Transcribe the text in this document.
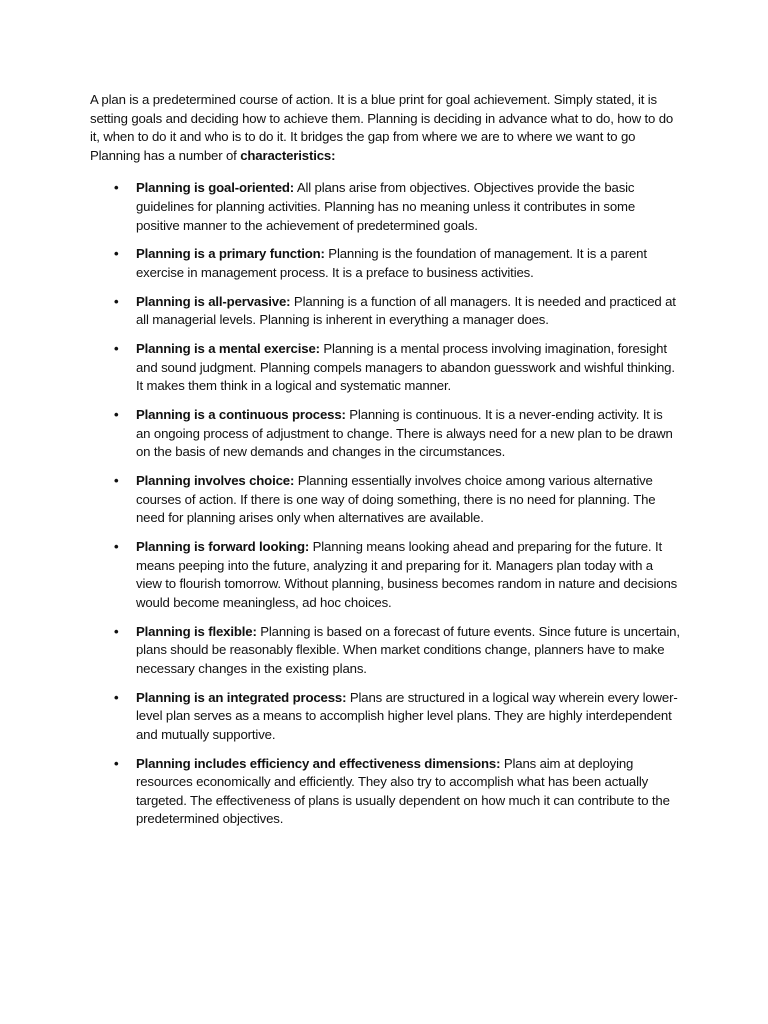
A plan is a predetermined course of action. It is a blue print for goal achievement. Simply stated, it is setting goals and deciding how to achieve them. Planning is deciding in advance what to do, how to do it, when to do it and who is to do it. It bridges the gap from where we are to where we want to go Planning has a number of characteristics:

• Planning is goal-oriented: All plans arise from objectives. Objectives provide the basic guidelines for planning activities. Planning has no meaning unless it contributes in some positive manner to the achievement of predetermined goals.
• Planning is a primary function: Planning is the foundation of management. It is a parent exercise in management process. It is a preface to business activities.
• Planning is all-pervasive: Planning is a function of all managers. It is needed and practiced at all managerial levels. Planning is inherent in everything a manager does.
• Planning is a mental exercise: Planning is a mental process involving imagination, foresight and sound judgment. Planning compels managers to abandon guesswork and wishful thinking. It makes them think in a logical and systematic manner.
• Planning is a continuous process: Planning is continuous. It is a never-ending activity. It is an ongoing process of adjustment to change. There is always need for a new plan to be drawn on the basis of new demands and changes in the circumstances.
• Planning involves choice: Planning essentially involves choice among various alternative courses of action. If there is one way of doing something, there is no need for planning. The need for planning arises only when alternatives are available.
• Planning is forward looking: Planning means looking ahead and preparing for the future. It means peeping into the future, analyzing it and preparing for it. Managers plan today with a view to flourish tomorrow. Without planning, business becomes random in nature and decisions would become meaningless, ad hoc choices.
• Planning is flexible: Planning is based on a forecast of future events. Since future is uncertain, plans should be reasonably flexible. When market conditions change, planners have to make necessary changes in the existing plans.
• Planning is an integrated process: Plans are structured in a logical way wherein every lower-level plan serves as a means to accomplish higher level plans. They are highly interdependent and mutually supportive.
• Planning includes efficiency and effectiveness dimensions: Plans aim at deploying resources economically and efficiently. They also try to accomplish what has been actually targeted. The effectiveness of plans is usually dependent on how much it can contribute to the predetermined objectives.
